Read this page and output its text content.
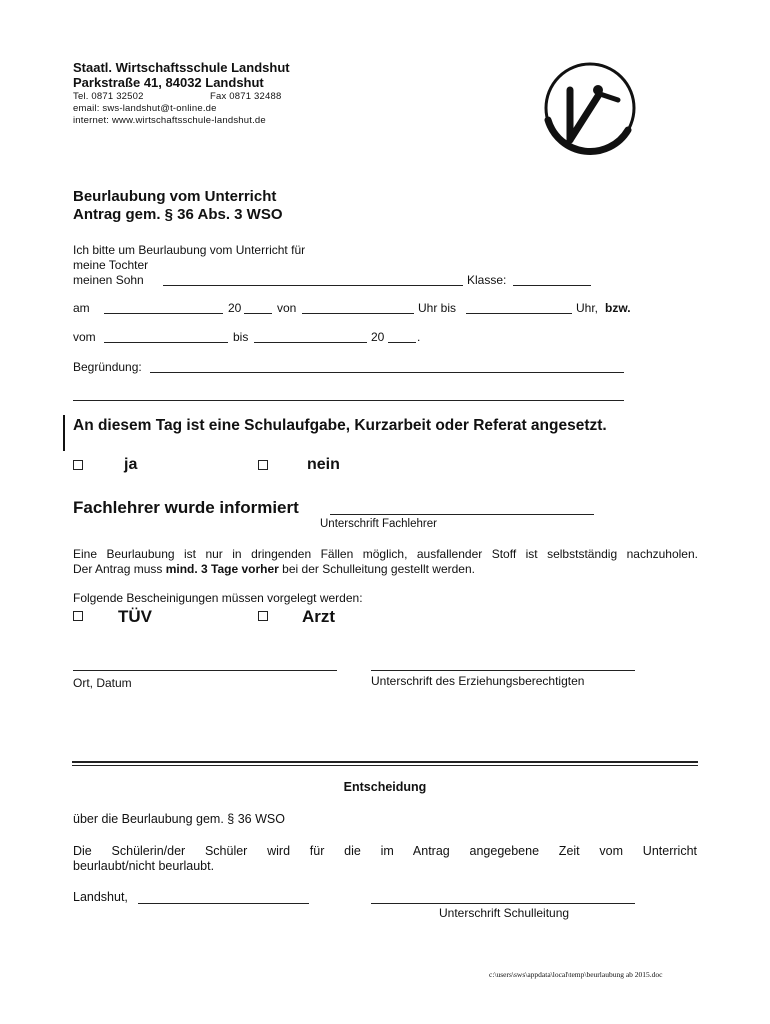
Staatl. Wirtschaftsschule Landshut
Parkstraße 41, 84032 Landshut
Tel. 0871 32502	Fax 0871 32488
email: sws-landshut@t-online.de
internet: www.wirtschaftsschule-landshut.de
Beurlaubung vom Unterricht
Antrag gem. § 36 Abs. 3 WSO
Ich bitte um Beurlaubung vom Unterricht für
meine Tochter
meinen Sohn	Klasse:
am	20	von	Uhr bis	Uhr, bzw.
vom	bis	20	.
Begründung:
An diesem Tag ist eine Schulaufgabe, Kurzarbeit oder Referat angesetzt.
ja	nein
Fachlehrer wurde informiert
Unterschrift Fachlehrer
Eine Beurlaubung ist nur in dringenden Fällen möglich, ausfallender Stoff ist selbstständig nachzuholen.
Der Antrag muss mind. 3 Tage vorher bei der Schulleitung gestellt werden.
Folgende Bescheinigungen müssen vorgelegt werden:
TÜV	Arzt
Ort, Datum	Unterschrift des Erziehungsberechtigten
Entscheidung
über die Beurlaubung gem. § 36 WSO
Die Schülerin/der Schüler wird für die im Antrag angegebene Zeit vom Unterricht
beurlaubt/nicht beurlaubt.
Landshut,
Unterschrift Schulleitung
c:\users\sws\appdata\local\temp\beurlaubung ab 2015.doc
